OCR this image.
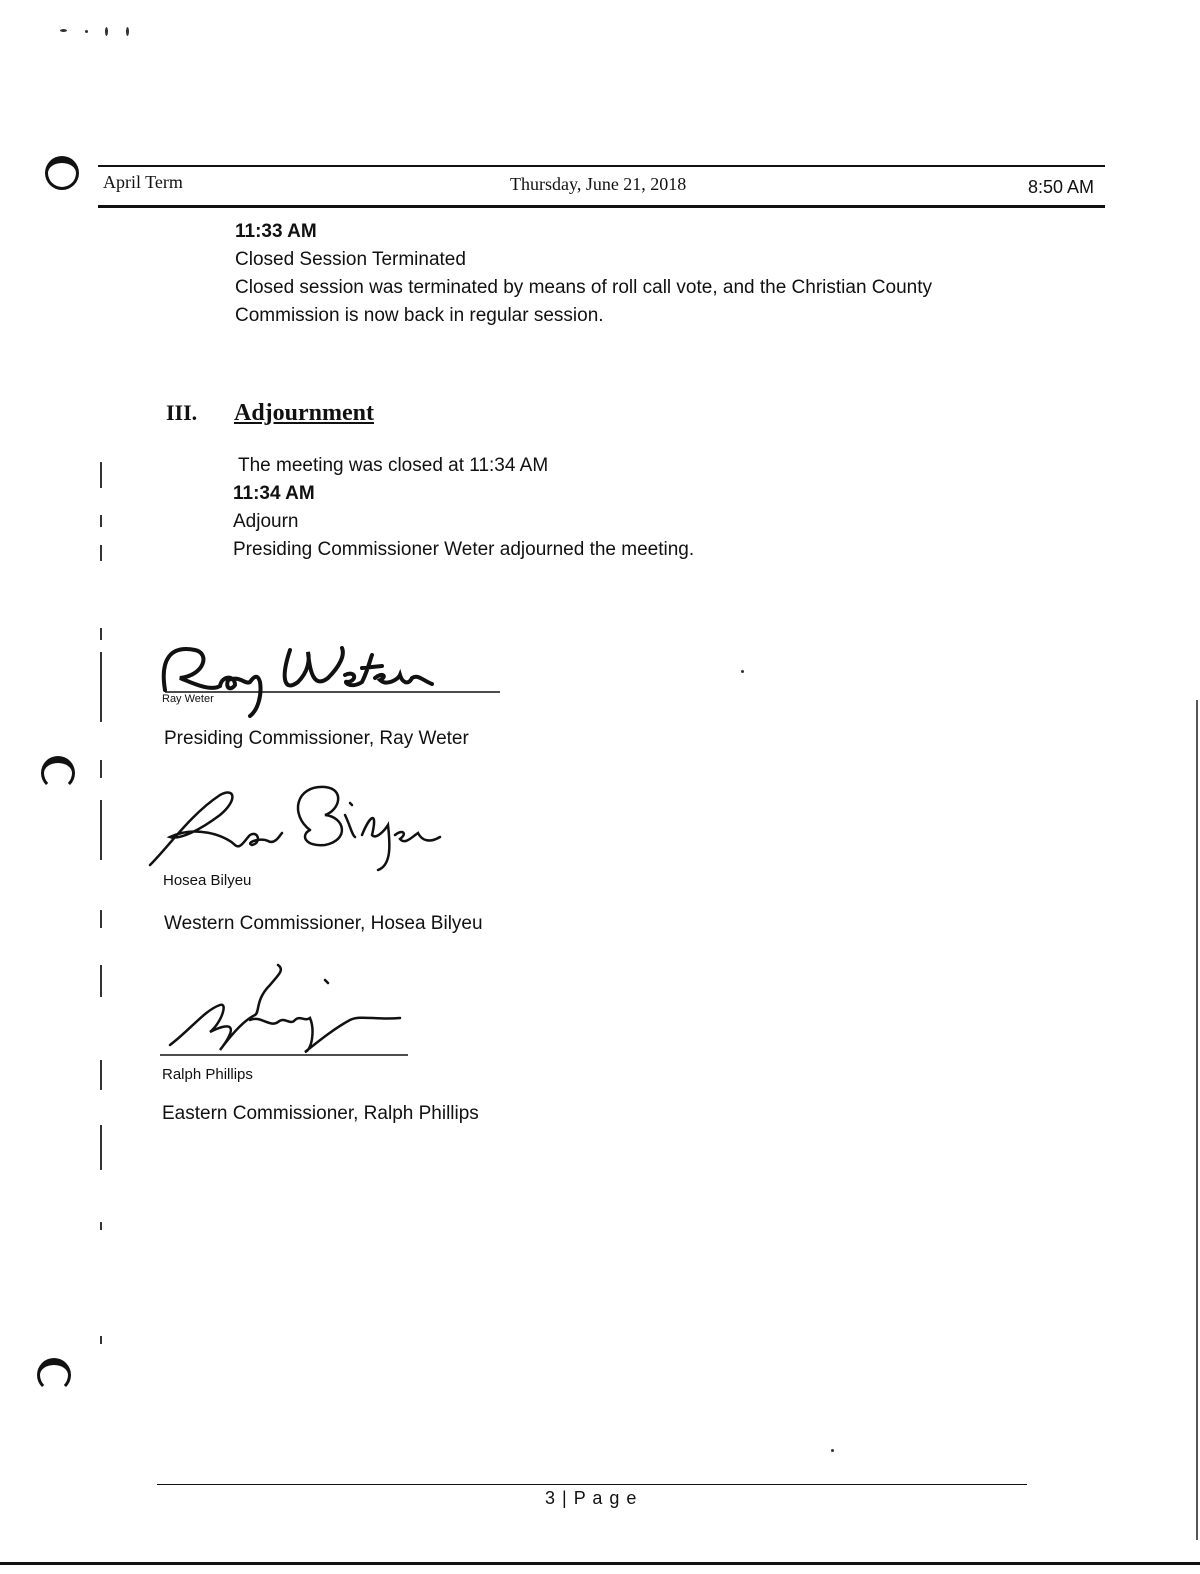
April Term	Thursday, June 21, 2018	8:50 AM
11:33 AM
Closed Session Terminated
Closed session was terminated by means of roll call vote, and the Christian County
Commission is now back in regular session.
III. Adjournment
The meeting was closed at 11:34 AM
11:34 AM
Adjourn
Presiding Commissioner Weter adjourned the meeting.
Ray Weter
Presiding Commissioner, Ray Weter
Hosea Bilyeu
Western Commissioner, Hosea Bilyeu
Ralph Phillips
Eastern Commissioner, Ralph Phillips
3 | P a g e
